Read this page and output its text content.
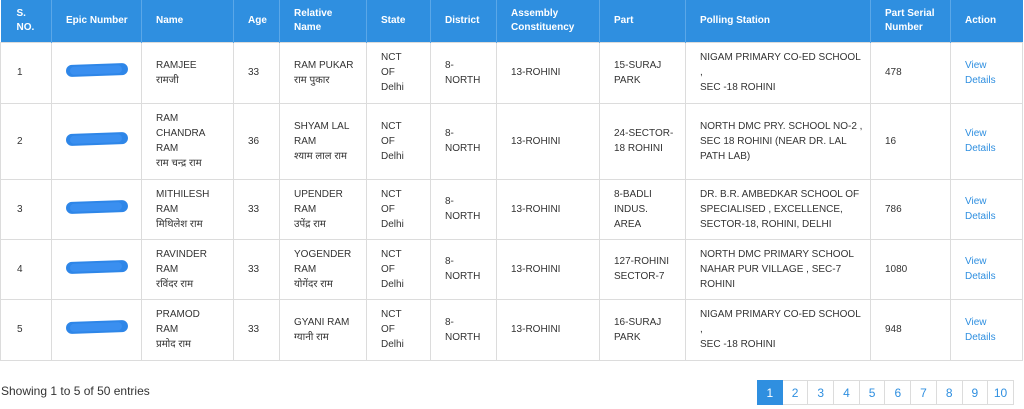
S.
NO.	Epic Number	Name	Age	Relative
Name	State	District	Assembly
Constituency	Part	Polling Station	Part Serial
Number	Action
1		RAMJEE
रामजी	33	RAM PUKAR
राम पुकार	NCT
OF
Delhi	8-
NORTH	13-ROHINI	15-SURAJ
PARK	NIGAM PRIMARY CO-ED SCHOOL ,
SEC -18 ROHINI	478	View
Details
2		RAM
CHANDRA
RAM
राम चन्द्र राम	36	SHYAM LAL
RAM
श्याम लाल राम	NCT
OF
Delhi	8-
NORTH	13-ROHINI	24-SECTOR-
18 ROHINI	NORTH DMC PRY. SCHOOL NO-2 ,
SEC 18 ROHINI (NEAR DR. LAL
PATH LAB)	16	View
Details
3		MITHILESH
RAM
मिथिलेश राम	33	UPENDER
RAM
उपेंद्र राम	NCT
OF
Delhi	8-
NORTH	13-ROHINI	8-BADLI
INDUS.
AREA	DR. B.R. AMBEDKAR SCHOOL OF
SPECIALISED , EXCELLENCE,
SECTOR-18, ROHINI, DELHI	786	View
Details
4		RAVINDER
RAM
रविंदर राम	33	YOGENDER
RAM
योगेंदर राम	NCT
OF
Delhi	8-
NORTH	13-ROHINI	127-ROHINI
SECTOR-7	NORTH DMC PRIMARY SCHOOL
NAHAR PUR VILLAGE , SEC-7
ROHINI	1080	View
Details
5		PRAMOD
RAM
प्रमोद राम	33	GYANI RAM
ग्यानी राम	NCT
OF
Delhi	8-
NORTH	13-ROHINI	16-SURAJ
PARK	NIGAM PRIMARY CO-ED SCHOOL ,
SEC -18 ROHINI	948	View
Details
Showing 1 to 5 of 50 entries	1	2	3	4	5	6	7	8	9	10
